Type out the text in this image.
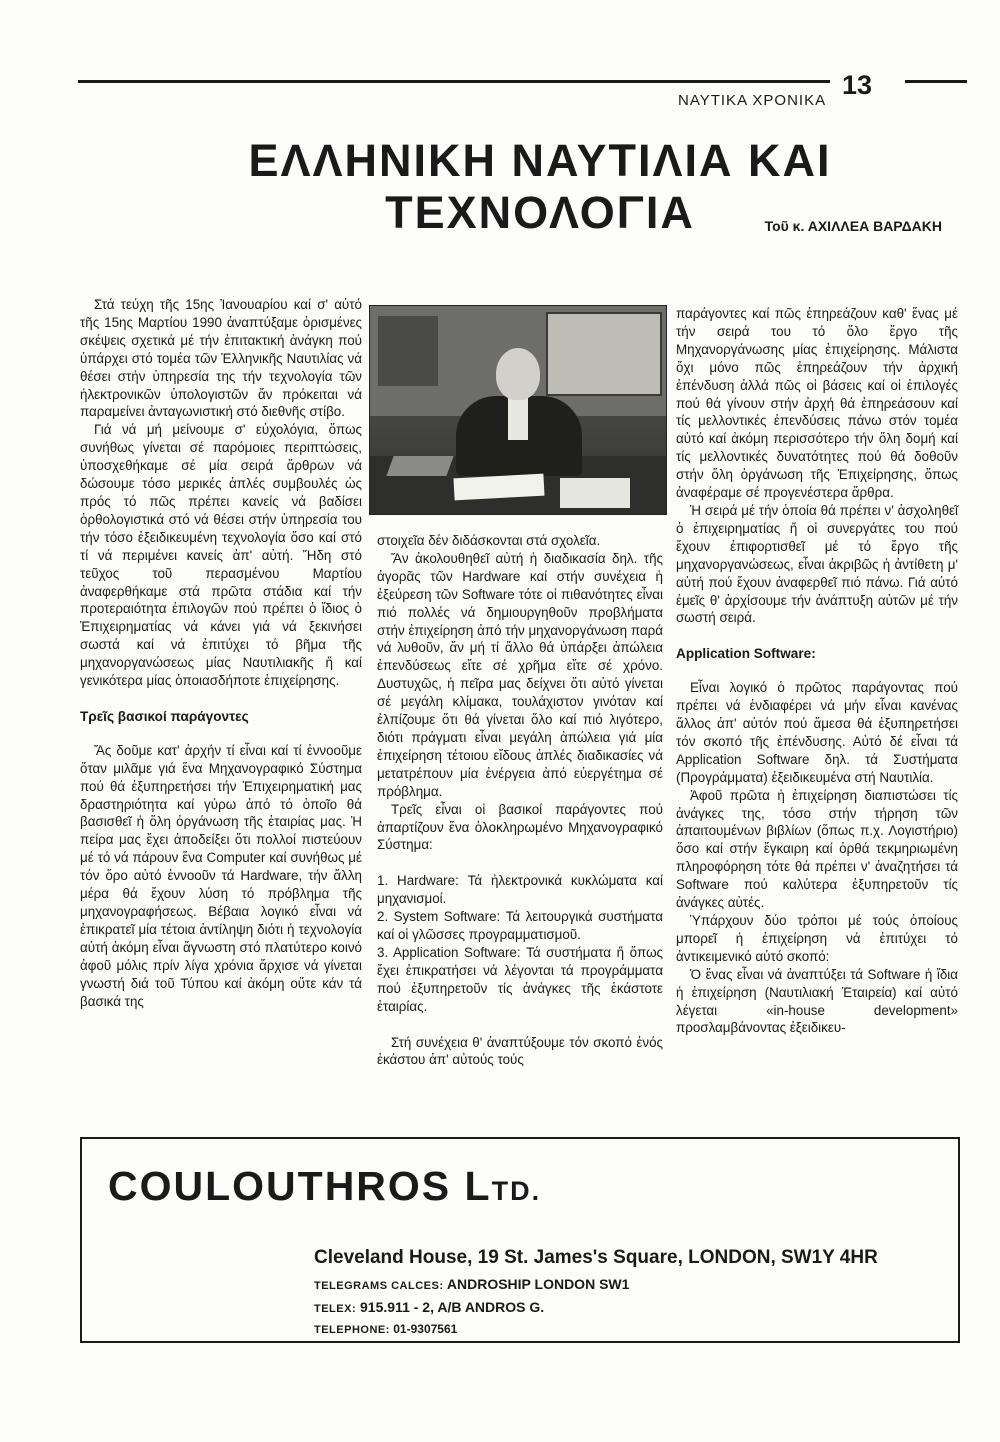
ΝΑΥΤΙΚΑ ΧΡΟΝΙΚΑ
13
ΕΛΛΗΝΙΚΗ ΝΑΥΤΙΛΙΑ ΚΑΙ ΤΕΧΝΟΛΟΓΙΑ	Τοῦ κ. ΑΧΙΛΛΕΑ ΒΑΡΔΑΚΗ

Στά τεύχη τῆς 15ης Ἰανουαρίου καί σ' αὐτό τῆς 15ης Μαρτίου 1990 ἀναπτύξαμε ὁρισμένες σκέψεις σχετικά μέ τήν ἐπιτακτική ἀνάγκη πού ὑπάρχει στό τομέα τῶν Ἑλληνικῆς Ναυτιλίας νά θέσει στήν ὑπηρεσία της τήν τεχνολογία τῶν ἠλεκτρονικῶν ὑπολογιστῶν ἄν πρόκειται νά παραμείνει ἀνταγωνιστική στό διεθνῆς στίβο.

Γιά νά μή μείνουμε σ' εὐχολόγια, ὅπως συνήθως γίνεται σέ παρόμοιες περιπτώσεις, ὑποσχεθήκαμε σέ μία σειρά ἄρθρων νά δώσουμε τόσο μερικές ἁπλές συμβουλές ὡς πρός τό πῶς πρέπει κανείς νά βαδίσει ὀρθολογιστικά στό νά θέσει στήν ὑπηρεσία του τήν τόσο ἐξειδικευμένη τεχνολογία ὅσο καί στό τί νά περιμένει κανείς ἀπ' αὐτή. Ἤδη στό τεῦχος τοῦ περασμένου Μαρτίου ἀναφερθήκαμε στά πρῶτα στάδια καί τήν προτεραιότητα ἐπιλογῶν πού πρέπει ὁ ἴδιος ὁ Ἐπιχειρηματίας νά κάνει γιά νά ξεκινήσει σωστά καί νά ἐπιτύχει τό βῆμα τῆς μηχανοργανώσεως μίας Ναυτιλιακῆς ἤ καί γενικότερα μίας ὁποιασδήποτε ἐπιχείρησης.

Τρεῖς βασικοί παράγοντες

Ἄς δοῦμε κατ' ἀρχήν τί εἶναι καί τί ἐννοοῦμε ὅταν μιλᾶμε γιά ἕνα Μηχανογραφικό Σύστημα πού θά ἐξυπηρετήσει τήν Ἐπιχειρηματική μας δραστηριότητα καί γύρω ἀπό τό ὁποῖο θά βασισθεῖ ἡ ὅλη ὀργάνωση τῆς ἑταιρίας μας. Ἡ πείρα μας ἔχει ἀποδείξει ὅτι πολλοί πιστεύουν μέ τό νά πάρουν ἕνα Computer καί συνήθως μέ τόν ὅρο αὐτό ἐννοοῦν τά Hardware, τήν ἄλλη μέρα θά ἔχουν λύση τό πρόβλημα τῆς μηχανογραφήσεως. Βέβαια λογικό εἶναι νά ἐπικρατεῖ μία τέτοια ἀντίληψη διότι ἡ τεχνολογία αὐτή ἀκόμη εἶναι ἄγνωστη στό πλατύτερο κοινό ἀφοῦ μόλις πρίν λίγα χρόνια ἄρχισε νά γίνεται γνωστή διά τοῦ Τύπου καί ἀκόμη οὔτε κάν τά βασικά της

στοιχεῖα δέν διδάσκονται στά σχολεῖα.

Ἄν ἀκολουθηθεῖ αὐτή ἡ διαδικασία δηλ. τῆς ἀγορᾶς τῶν Hardware καί στήν συνέχεια ἡ ἐξεύρεση τῶν Software τότε οἱ πιθανότητες εἶναι πιό πολλές νά δημιουργηθοῦν προβλήματα στήν ἐπιχείρηση ἀπό τήν μηχανοργάνωση παρά νά λυθοῦν, ἄν μή τί ἄλλο θά ὑπάρξει ἀπώλεια ἐπενδύσεως εἴτε σέ χρῆμα εἴτε σέ χρόνο. Δυστυχῶς, ἡ πεῖρα μας δείχνει ὅτι αὐτό γίνεται σέ μεγάλη κλίμακα, τουλάχιστον γινόταν καί ἐλπίζουμε ὅτι θά γίνεται ὅλο καί πιό λιγότερο, διότι πράγματι εἶναι μεγάλη ἀπώλεια γιά μία ἐπιχείρηση τέτοιου εἴδους ἁπλές διαδικασίες νά μετατρέπουν μία ἐνέργεια ἀπό εὐεργέτημα σέ πρόβλημα.

Τρεῖς εἶναι οἱ βασικοί παράγοντες πού ἀπαρτίζουν ἕνα ὁλοκληρωμένο Μηχανογραφικό Σύστημα:

1. Hardware: Τά ἠλεκτρονικά κυκλώματα καί μηχανισμοί.

2. System Software: Τά λειτουργικά συστήματα καί οἱ γλῶσσες προγραμματισμοῦ.

3. Application Software: Τά συστήματα ἤ ὅπως ἔχει ἐπικρατήσει νά λέγονται τά προγράμματα πού ἐξυπηρετοῦν τίς ἀνάγκες τῆς ἑκάστοτε ἑταιρίας.

Στή συνέχεια θ' ἀναπτύξουμε τόν σκοπό ἑνός ἑκάστου ἀπ' αὐτούς τούς

παράγοντες καί πῶς ἐπηρεάζουν καθ' ἕνας μέ τήν σειρά του τό ὅλο ἔργο τῆς Μηχανοργάνωσης μίας ἐπιχείρησης. Μάλιστα ὄχι μόνο πῶς ἐπηρεάζουν τήν ἀρχική ἐπένδυση ἀλλά πῶς οἱ βάσεις καί οἱ ἐπιλογές πού θά γίνουν στήν ἀρχή θά ἐπηρεάσουν καί τίς μελλοντικές ἐπενδύσεις πάνω στόν τομέα αὐτό καί ἀκόμη περισσότερο τήν ὅλη δομή καί τίς μελλοντικές δυνατότητες πού θά δοθοῦν στήν ὅλη ὀργάνωση τῆς Ἐπιχείρησης, ὅπως ἀναφέραμε σέ προγενέστερα ἄρθρα.

Ἡ σειρά μέ τήν ὁποία θά πρέπει ν' ἀσχοληθεῖ ὁ ἐπιχειρηματίας ἤ οἱ συνεργάτες του πού ἔχουν ἐπιφορτισθεῖ μέ τό ἔργο τῆς μηχανοργανώσεως, εἶναι ἀκριβῶς ἡ ἀντίθετη μ' αὐτή πού ἔχουν ἀναφερθεῖ πιό πάνω. Γιά αὐτό ἐμεῖς θ' ἀρχίσουμε τήν ἀνάπτυξη αὐτῶν μέ τήν σωστή σειρά.

Application Software:

Εἶναι λογικό ὁ πρῶτος παράγοντας πού πρέπει νά ἐνδιαφέρει νά μήν εἶναι κανένας ἄλλος ἀπ' αὐτόν πού ἄμεσα θά ἐξυπηρετήσει τόν σκοπό τῆς ἐπένδυσης. Αὐτό δέ εἶναι τά Application Software δηλ. τά Συστήματα (Προγράμματα) ἐξειδικευμένα στή Ναυτιλία.

Ἀφοῦ πρῶτα ἡ ἐπιχείρηση διαπιστώσει τίς ἀνάγκες της, τόσο στήν τήρηση τῶν ἀπαιτουμένων βιβλίων (ὅπως π.χ. Λογιστήριο) ὅσο καί στήν ἔγκαιρη καί ὀρθά τεκμηριωμένη πληροφόρηση τότε θά πρέπει ν' ἀναζητήσει τά Software πού καλύτερα ἐξυπηρετοῦν τίς ἀνάγκες αὐτές.

Ὑπάρχουν δύο τρόποι μέ τούς ὁποίους μπορεῖ ἡ ἐπιχείρηση νά ἐπιτύχει τό ἀντικειμενικό αὐτό σκοπό:

Ὁ ἕνας εἶναι νά ἀναπτύξει τά Software ἡ ἴδια ἡ ἐπιχείρηση (Ναυτιλιακή Ἑταιρεία) καί αὐτό λέγεται «in-house development» προσλαμβάνοντας ἐξειδικευ-

COULOUTHROS LTD.
Cleveland House, 19 St. James's Square, LONDON, SW1Y 4HR
TELEGRAMS CALCES: ANDROSHIP LONDON SW1
TELEX: 915.911 - 2, A/B ANDROS G.
TELEPHONE: 01-9307561
